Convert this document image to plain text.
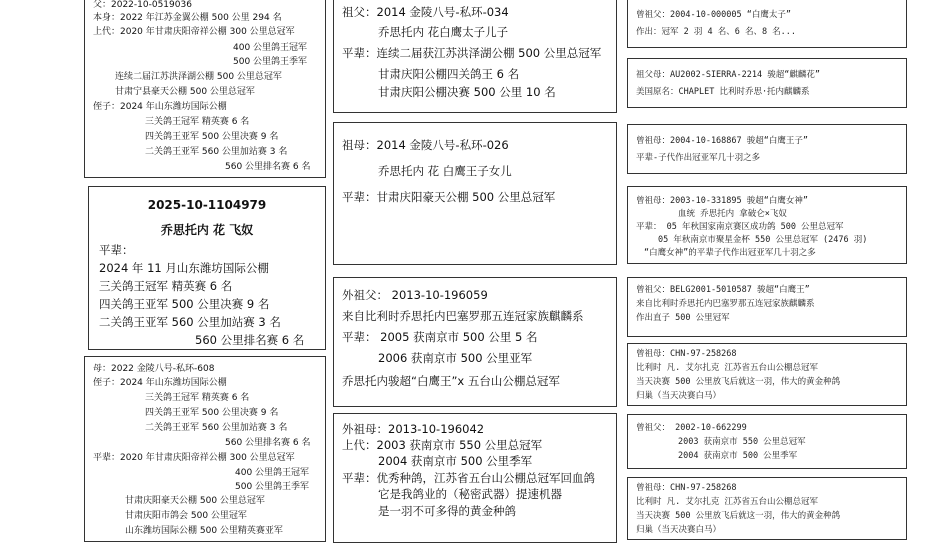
父：2022-10-0519036
本身：2022 年江苏金翼公棚 500 公里 294 名
上代：2020 年甘肃庆阳帝祥公棚 300 公里总冠军
400 公里鸽王冠军
500 公里鸽王季军
连续二届江苏洪泽湖公棚 500 公里总冠军
甘肃宁县豪天公棚 500 公里总冠军
侄子：2024 年山东潍坊国际公棚
三关鸽王冠军 精英赛 6 名
四关鸽王亚军 500 公里决赛 9 名
二关鸽王亚军 560 公里加站赛 3 名
560 公里排名赛 6 名
2025-10-1104979
乔思托内 花 飞奴
平辈：
2024 年 11 月山东潍坊国际公棚
三关鸽王冠军 精英赛 6 名
四关鸽王亚军 500 公里决赛 9 名
二关鸽王亚军 560 公里加站赛 3 名
560 公里排名赛 6 名
母：2022 金陵八号-私环-608
侄子：2024 年山东潍坊国际公棚
三关鸽王冠军 精英赛 6 名
四关鸽王亚军 500 公里决赛 9 名
二关鸽王亚军 560 公里加站赛 3 名
560 公里排名赛 6 名
平辈：2020 年甘肃庆阳帝祥公棚 300 公里总冠军
400 公里鸽王冠军
500 公里鸽王季军
甘肃庆阳豪天公棚 500 公里总冠军
甘肃庆阳市鸽会 500 公里冠军
山东潍坊国际公棚 500 公里精英赛亚军
祖父：2014 金陵八号-私环-034
乔思托内 花白鹰太子儿子
平辈：连续二届获江苏洪泽湖公棚 500 公里总冠军
甘肃庆阳公棚四关鸽王 6 名
甘肃庆阳公棚决赛 500 公里 10 名
祖母：2014 金陵八号-私环-026
乔思托内 花 白鹰王子女儿
平辈：甘肃庆阳豪天公棚 500 公里总冠军
外祖父： 2013-10-196059
来自比利时乔思托内巴塞罗那五连冠家族麒麟系
平辈： 2005 获南京市 500 公里 5 名
2006 获南京市 500 公里亚军
乔思托内骏超“白鹰王”x 五台山公棚总冠军
外祖母：2013-10-196042
上代：2003 获南京市 550 公里总冠军
2004 获南京市 500 公里季军
平辈：优秀种鸽，江苏省五台山公棚总冠军回血鸽
它是我鸽业的（秘密武器）提速机器
是一羽不可多得的黄金种鸽
曾祖父：2004-10-000005 “白鹰太子”
作出：冠军 2 羽 4 名、6 名、8 名...
祖父母：AU2002-SIERRA-2214 骏超“麒麟花”
美国原名：CHAPLET 比利时乔思·托内麒麟系
曾祖母：2004-10-168867 骏超“白鹰王子”
平辈-子代作出冠亚军几十羽之多
曾祖母：2003-10-331895 骏超“白鹰女神”
血统 乔思托内 拿破仑×飞奴
平辈： 05 年秋国家南京赛区成功鸽 500 公里总冠军
05 年秋南京市聚星金杯 550 公里总冠军 (2476 羽)
“白鹰女神”的平辈子代作出冠亚军几十羽之多
曾祖父：BELG2001-5010587 骏超“白鹰王”
来自比利时乔思托内巴塞罗那五连冠家族麒麟系
作出直子 500 公里冠军
曾祖母：CHN-97-258268
比利时 凡. 艾尔扎克 江苏省五台山公棚总冠军
当天决赛 500 公里放飞后就这一羽，伟大的黄金种鸽
归巢（当天决赛白马）
曾祖父： 2002-10-662299
2003 获南京市 550 公里总冠军
2004 获南京市 500 公里季军
曾祖母：CHN-97-258268
比利时 凡. 艾尔扎克 江苏省五台山公棚总冠军
当天决赛 500 公里放飞后就这一羽，伟大的黄金种鸽
归巢（当天决赛白马）
